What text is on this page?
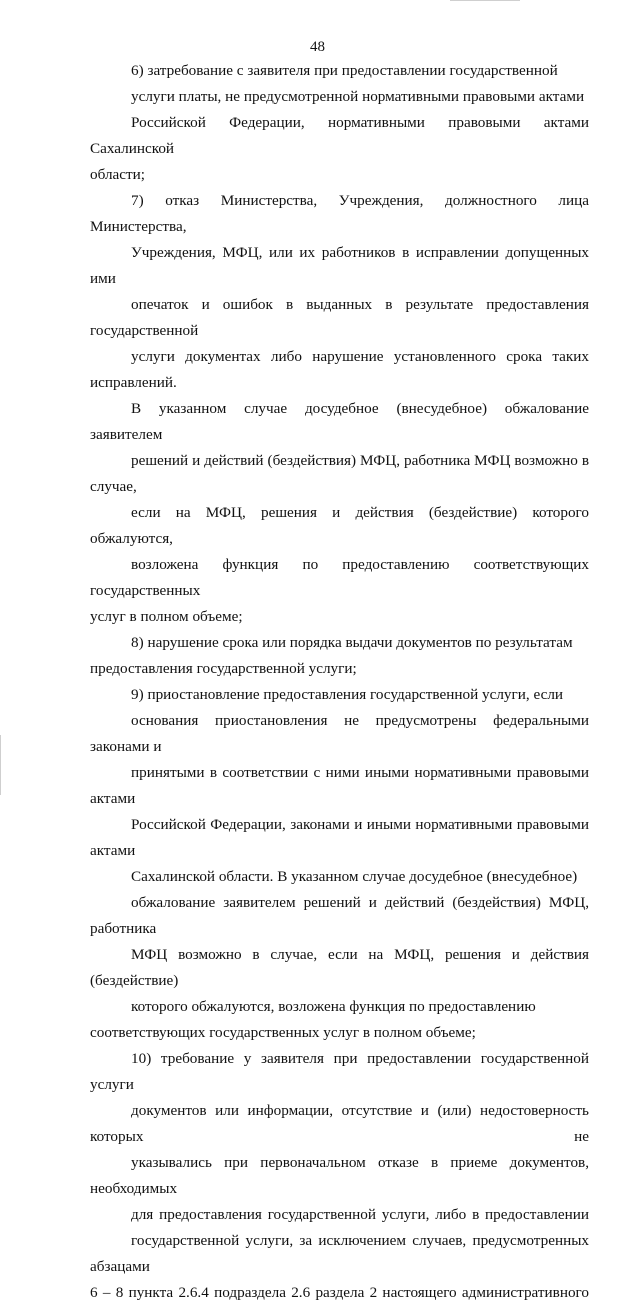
48

6) затребование с заявителя при предоставлении государственной
услуги платы, не предусмотренной нормативными правовыми актами
Российской Федерации, нормативными правовыми актами Сахалинской
области;

7) отказ Министерства, Учреждения, должностного лица Министерства,
Учреждения, МФЦ, или их работников в исправлении допущенных ими
опечаток и ошибок в выданных в результате предоставления государственной
услуги документах либо нарушение установленного срока таких исправлений.
В указанном случае досудебное (внесудебное) обжалование заявителем
решений и действий (бездействия) МФЦ, работника МФЦ возможно в случае,
если на МФЦ, решения и действия (бездействие) которого обжалуются,
возложена функция по предоставлению соответствующих государственных
услуг в полном объеме;

8) нарушение срока или порядка выдачи документов по результатам
предоставления государственной услуги;

9) приостановление предоставления государственной услуги, если
основания приостановления не предусмотрены федеральными законами и
принятыми в соответствии с ними иными нормативными правовыми актами
Российской Федерации, законами и иными нормативными правовыми актами
Сахалинской области. В указанном случае досудебное (внесудебное)
обжалование заявителем решений и действий (бездействия) МФЦ, работника
МФЦ возможно в случае, если на МФЦ, решения и действия (бездействие)
которого обжалуются, возложена функция по предоставлению
соответствующих государственных услуг в полном объеме;

10) требование у заявителя при предоставлении государственной услуги
документов или информации, отсутствие и (или) недостоверность которых не
указывались при первоначальном отказе в приеме документов, необходимых
для предоставления государственной услуги, либо в предоставлении
государственной услуги, за исключением случаев, предусмотренных абзацами
6 – 8 пункта 2.6.4 подраздела 2.6 раздела 2 настоящего административного
